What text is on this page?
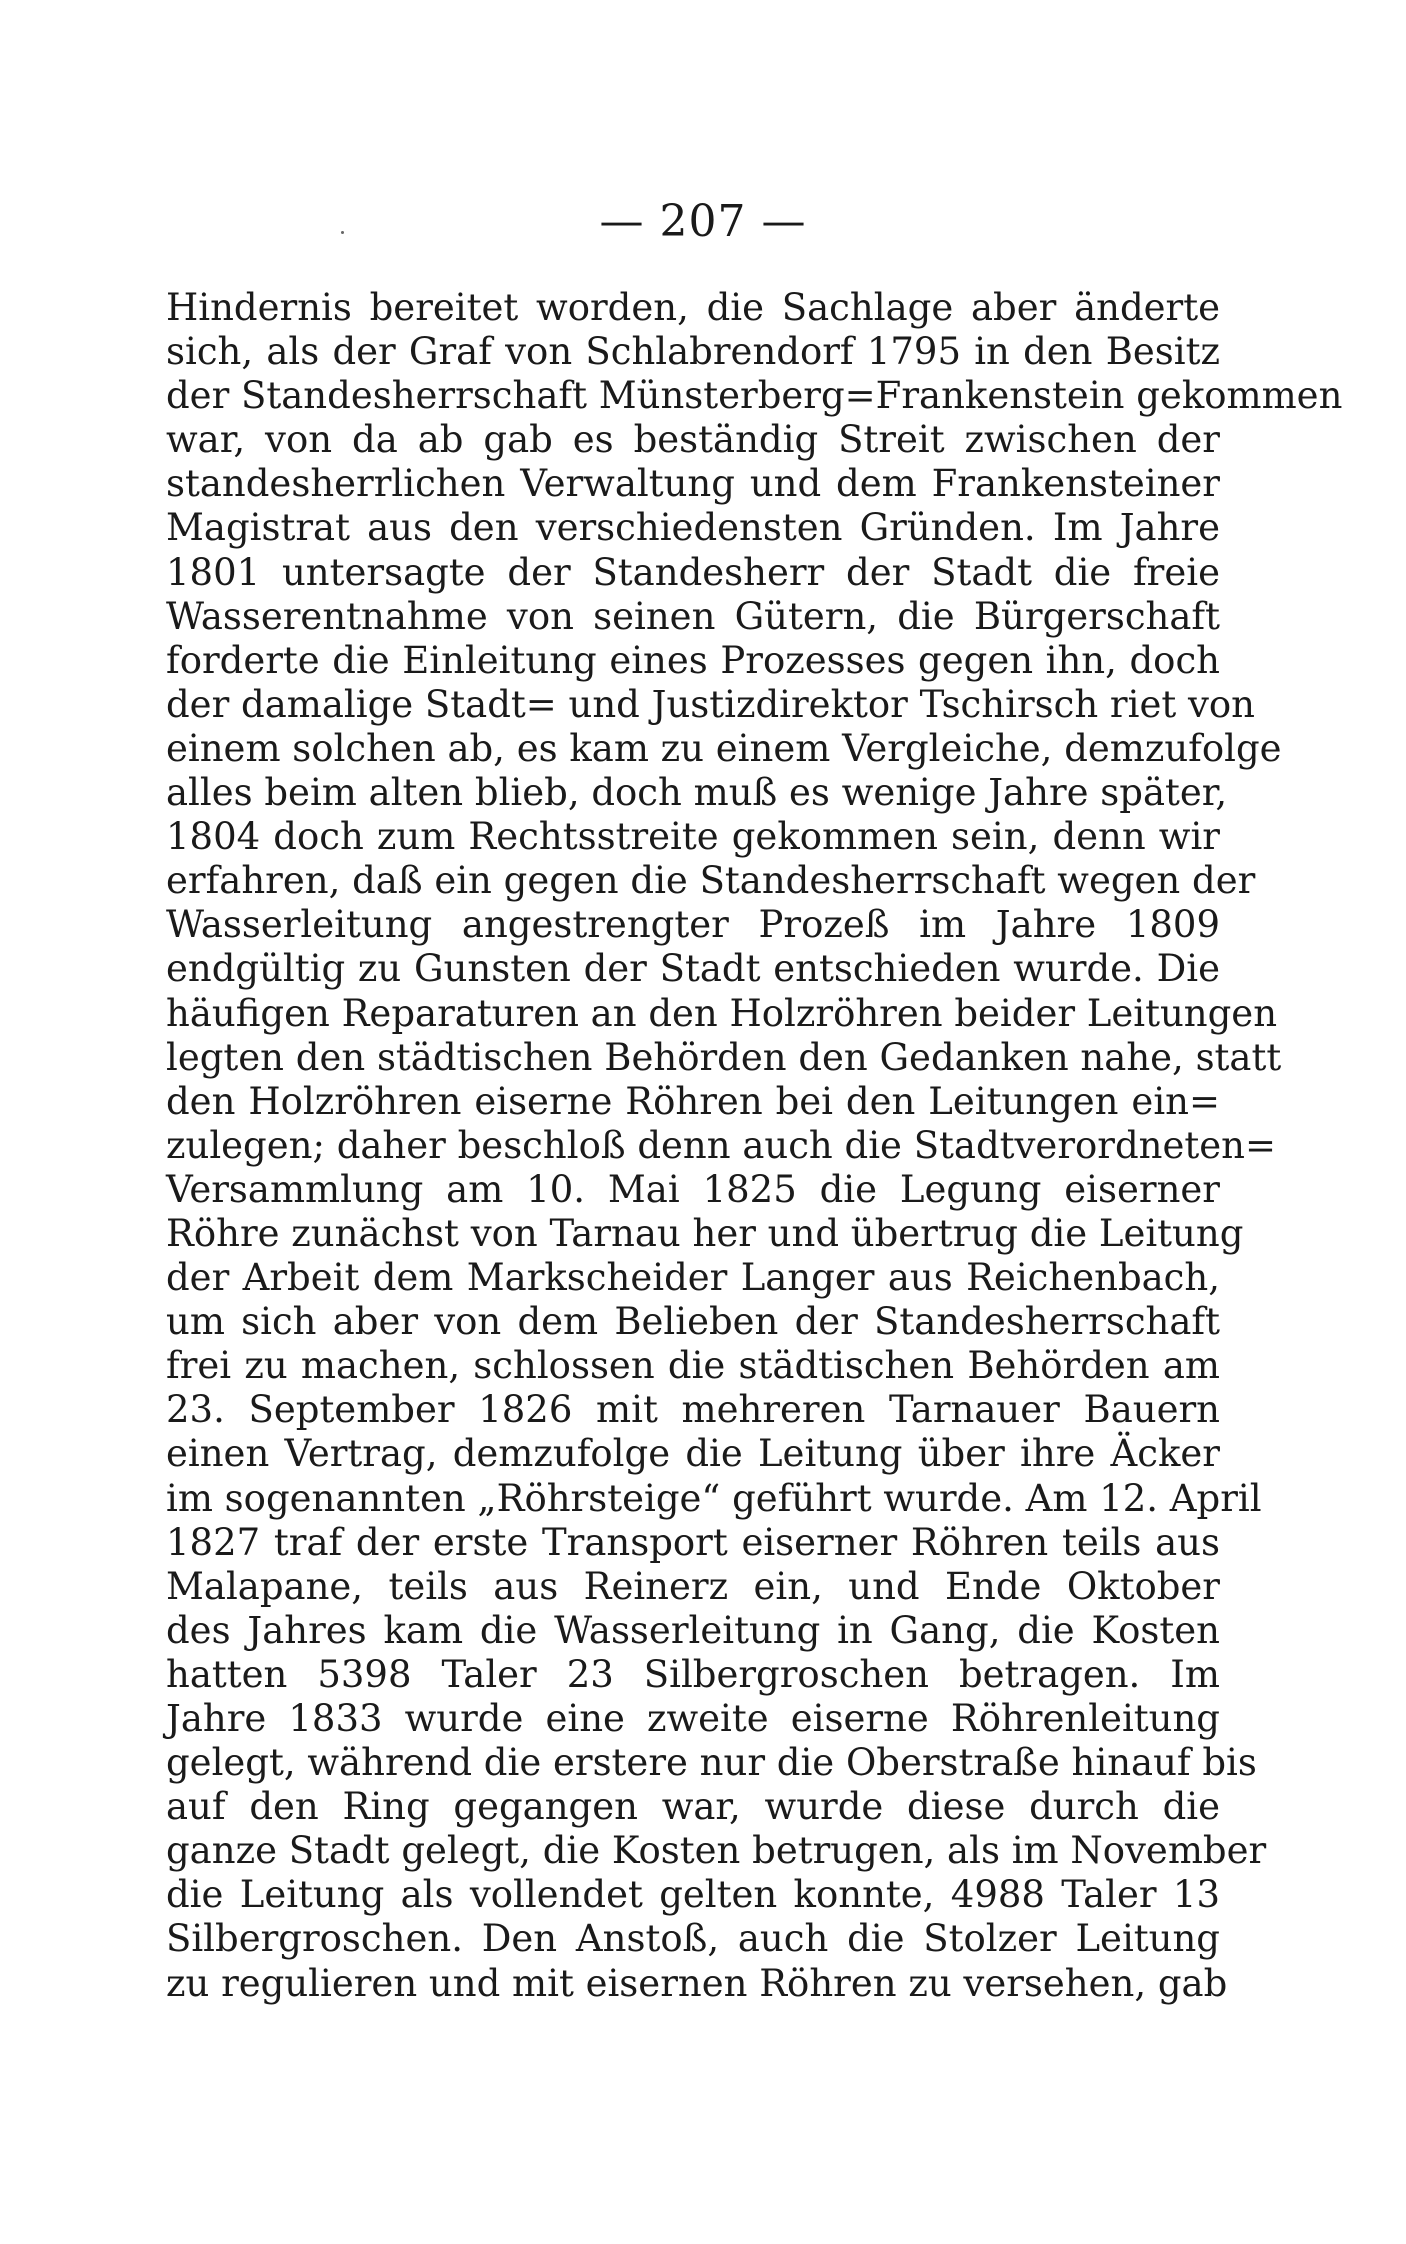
— 207 —
Hindernis bereitet worden, die Sachlage aber änderte
sich, als der Graf von Schlabrendorf 1795 in den Besitz
der Standesherrschaft Münsterberg=Frankenstein gekommen
war, von da ab gab es beständig Streit zwischen der
standesherrlichen Verwaltung und dem Frankensteiner
Magistrat aus den verschiedensten Gründen. Im Jahre
1801 untersagte der Standesherr der Stadt die freie
Wasserentnahme von seinen Gütern, die Bürgerschaft
forderte die Einleitung eines Prozesses gegen ihn, doch
der damalige Stadt= und Justizdirektor Tschirsch riet von
einem solchen ab, es kam zu einem Vergleiche, demzufolge
alles beim alten blieb, doch muß es wenige Jahre später,
1804 doch zum Rechtsstreite gekommen sein, denn wir
erfahren, daß ein gegen die Standesherrschaft wegen der
Wasserleitung angestrengter Prozeß im Jahre 1809
endgültig zu Gunsten der Stadt entschieden wurde. Die
häufigen Reparaturen an den Holzröhren beider Leitungen
legten den städtischen Behörden den Gedanken nahe, statt
den Holzröhren eiserne Röhren bei den Leitungen ein=
zulegen; daher beschloß denn auch die Stadtverordneten=
Versammlung am 10. Mai 1825 die Legung eiserner
Röhre zunächst von Tarnau her und übertrug die Leitung
der Arbeit dem Markscheider Langer aus Reichenbach,
um sich aber von dem Belieben der Standesherrschaft
frei zu machen, schlossen die städtischen Behörden am
23. September 1826 mit mehreren Tarnauer Bauern
einen Vertrag, demzufolge die Leitung über ihre Äcker
im sogenannten „Röhrsteige“ geführt wurde. Am 12. April
1827 traf der erste Transport eiserner Röhren teils aus
Malapane, teils aus Reinerz ein, und Ende Oktober
des Jahres kam die Wasserleitung in Gang, die Kosten
hatten 5398 Taler 23 Silbergroschen betragen. Im
Jahre 1833 wurde eine zweite eiserne Röhrenleitung
gelegt, während die erstere nur die Oberstraße hinauf bis
auf den Ring gegangen war, wurde diese durch die
ganze Stadt gelegt, die Kosten betrugen, als im November
die Leitung als vollendet gelten konnte, 4988 Taler 13
Silbergroschen. Den Anstoß, auch die Stolzer Leitung
zu regulieren und mit eisernen Röhren zu versehen, gab
